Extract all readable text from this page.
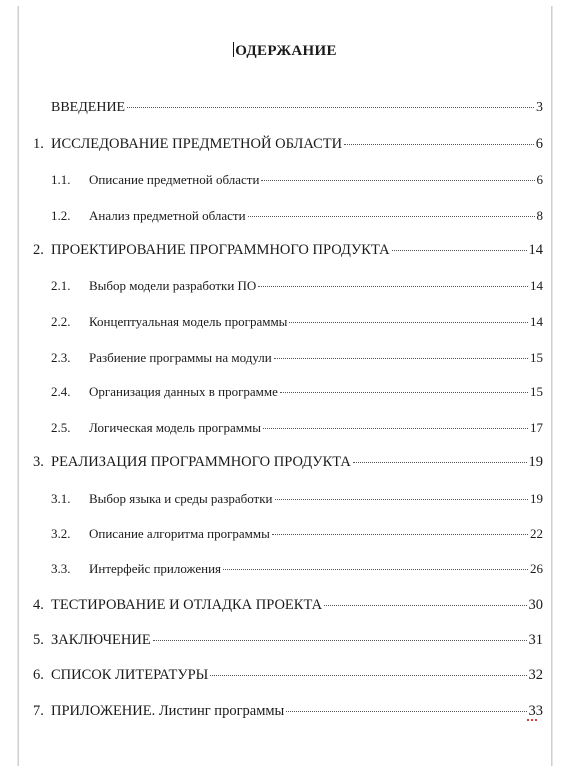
ОДЕРЖАНИЕ
ВВЕДЕНИЕ	3
1. ИССЛЕДОВАНИЕ ПРЕДМЕТНОЙ ОБЛАСТИ	6
1.1.	Описание предметной области	6
1.2.	Анализ предметной области	8
2. ПРОЕКТИРОВАНИЕ ПРОГРАММНОГО ПРОДУКТА	14
2.1.	Выбор модели разработки ПО	14
2.2.	Концептуальная модель программы	14
2.3.	Разбиение программы на модули	15
2.4.	Организация данных в программе	15
2.5.	Логическая модель программы	17
3. РЕАЛИЗАЦИЯ ПРОГРАММНОГО ПРОДУКТА	19
3.1.	Выбор языка и среды разработки	19
3.2.	Описание алгоритма программы	22
3.3.	Интерфейс приложения	26
4. ТЕСТИРОВАНИЕ И ОТЛАДКА ПРОЕКТА	30
5. ЗАКЛЮЧЕНИЕ	31
6. СПИСОК ЛИТЕРАТУРЫ	32
7. ПРИЛОЖЕНИЕ. Листинг программы	33
